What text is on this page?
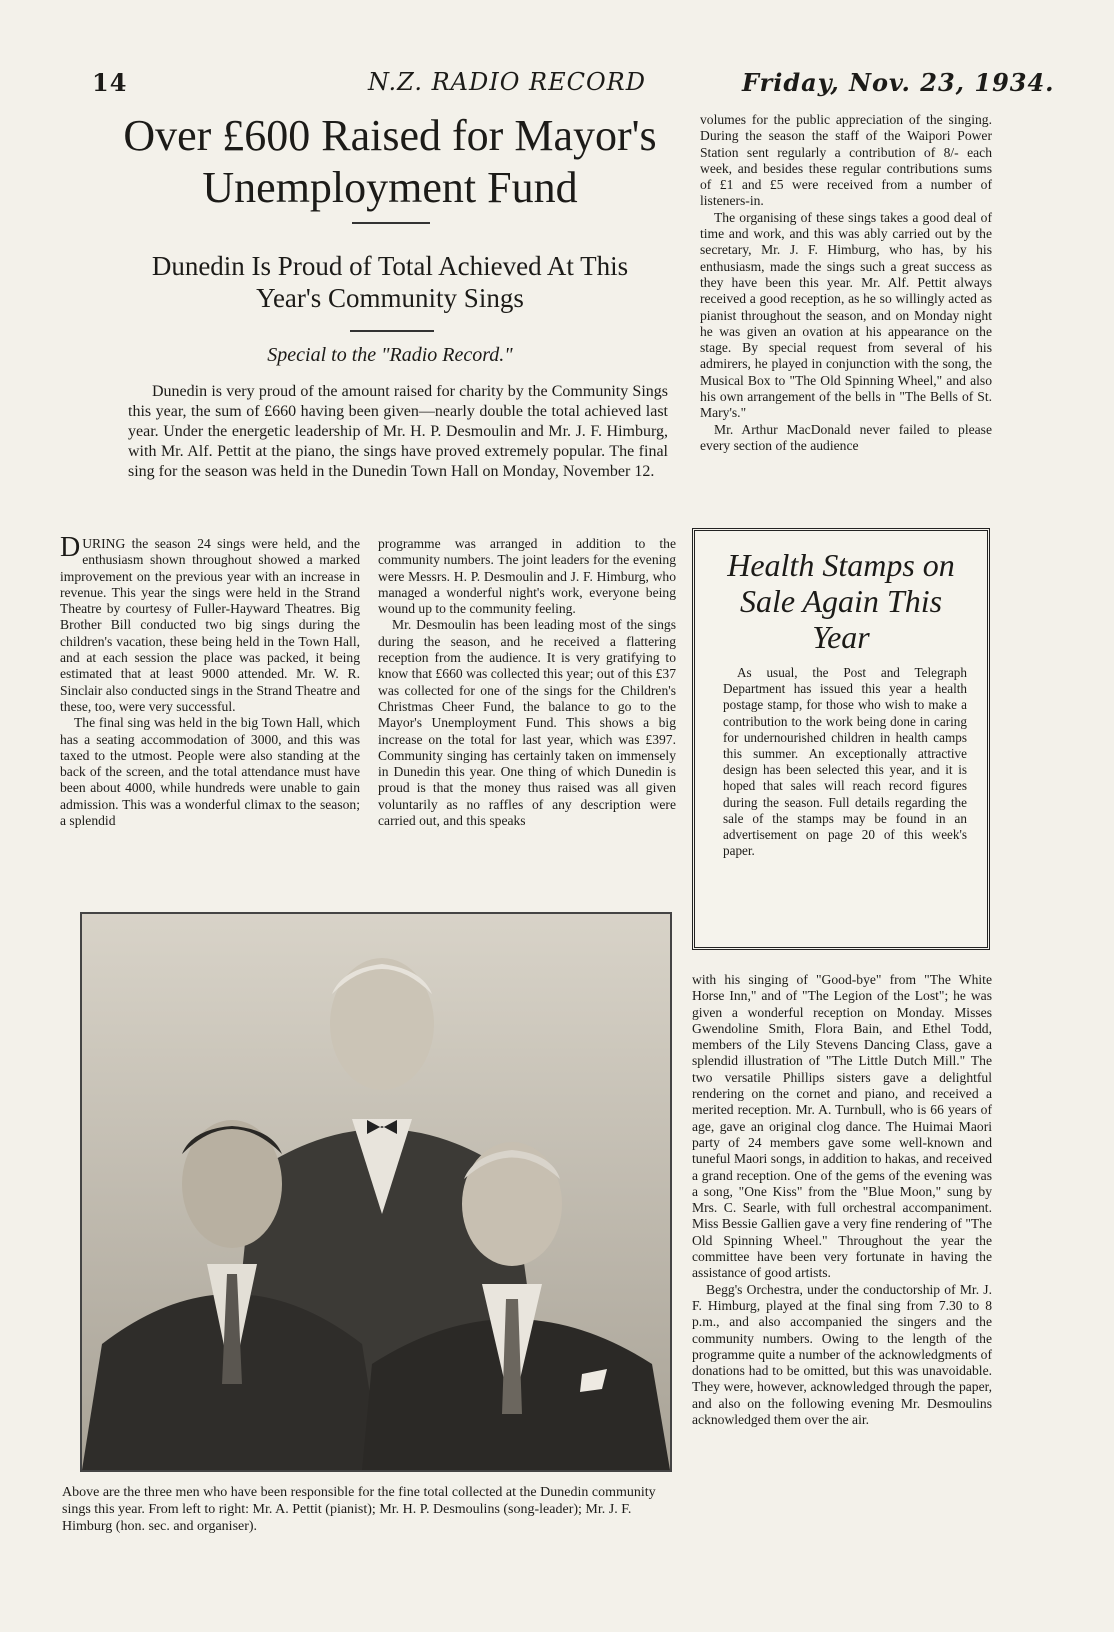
14	N.Z. RADIO RECORD	Friday, Nov. 23, 1934.
Over £600 Raised for Mayor's
Unemployment Fund
Dunedin Is Proud of Total Achieved At This
Year's Community Sings
Special to the "Radio Record."
Dunedin is very proud of the amount raised for charity by the Community Sings this year, the sum of £660 having been given—nearly double the total achieved last year. Under the energetic leadership of Mr. H. P. Desmoulin and Mr. J. F. Himburg, with Mr. Alf. Pettit at the piano, the sings have proved extremely popular. The final sing for the season was held in the Dunedin Town Hall on Monday, November 12.

DURING the season 24 sings were held, and the enthusiasm shown throughout showed a marked improvement on the previous year with an increase in revenue. This year the sings were held in the Strand Theatre by courtesy of Fuller-Hayward Theatres. Big Brother Bill conducted two big sings during the children's vacation, these being held in the Town Hall, and at each session the place was packed, it being estimated that at least 9000 attended. Mr. W. R. Sinclair also conducted sings in the Strand Theatre and these, too, were very successful.

The final sing was held in the big Town Hall, which has a seating accommodation of 3000, and this was taxed to the utmost. People were also standing at the back of the screen, and the total attendance must have been about 4000, while hundreds were unable to gain admission. This was a wonderful climax to the season; a splendid

programme was arranged in addition to the community numbers. The joint leaders for the evening were Messrs. H. P. Desmoulin and J. F. Himburg, who managed a wonderful night's work, everyone being wound up to the community feeling.

Mr. Desmoulin has been leading most of the sings during the season, and he received a flattering reception from the audience. It is very gratifying to know that £660 was collected this year; out of this £37 was collected for one of the sings for the Children's Christmas Cheer Fund, the balance to go to the Mayor's Unemployment Fund. This shows a big increase on the total for last year, which was £397. Community singing has certainly taken on immensely in Dunedin this year. One thing of which Dunedin is proud is that the money thus raised was all given voluntarily as no raffles of any description were carried out, and this speaks

volumes for the public appreciation of the singing. During the season the staff of the Waipori Power Station sent regularly a contribution of 8/- each week, and besides these regular contributions sums of £1 and £5 were received from a number of listeners-in.

The organising of these sings takes a good deal of time and work, and this was ably carried out by the secretary, Mr. J. F. Himburg, who has, by his enthusiasm, made the sings such a great success as they have been this year. Mr. Alf. Pettit always received a good reception, as he so willingly acted as pianist throughout the season, and on Monday night he was given an ovation at his appearance on the stage. By special request from several of his admirers, he played in conjunction with the song, the Musical Box to "The Old Spinning Wheel," and also his own arrangement of the bells in "The Bells of St. Mary's."

Mr. Arthur MacDonald never failed to please every section of the audience

Health Stamps on Sale Again This Year
As usual, the Post and Telegraph Department has issued this year a health postage stamp, for those who wish to make a contribution to the work being done in caring for undernourished children in health camps this summer. An exceptionally attractive design has been selected this year, and it is hoped that sales will reach record figures during the season. Full details regarding the sale of the stamps may be found in an advertisement on page 20 of this week's paper.
Above are the three men who have been responsible for the fine total collected at the Dunedin community sings this year. From left to right: Mr. A. Pettit (pianist); Mr. H. P. Desmoulins (song-leader); Mr. J. F. Himburg (hon. sec. and organiser).

with his singing of "Good-bye" from "The White Horse Inn," and of "The Legion of the Lost"; he was given a wonderful reception on Monday. Misses Gwendoline Smith, Flora Bain, and Ethel Todd, members of the Lily Stevens Dancing Class, gave a splendid illustration of "The Little Dutch Mill." The two versatile Phillips sisters gave a delightful rendering on the cornet and piano, and received a merited reception. Mr. A. Turnbull, who is 66 years of age, gave an original clog dance. The Huimai Maori party of 24 members gave some well-known and tuneful Maori songs, in addition to hakas, and received a grand reception. One of the gems of the evening was a song, "One Kiss" from the "Blue Moon," sung by Mrs. C. Searle, with full orchestral accompaniment. Miss Bessie Gallien gave a very fine rendering of "The Old Spinning Wheel." Throughout the year the committee have been very fortunate in having the assistance of good artists.

Begg's Orchestra, under the conductorship of Mr. J. F. Himburg, played at the final sing from 7.30 to 8 p.m., and also accompanied the singers and the community numbers. Owing to the length of the programme quite a number of the acknowledgments of donations had to be omitted, but this was unavoidable. They were, however, acknowledged through the paper, and also on the following evening Mr. Desmoulins acknowledged them over the air.
